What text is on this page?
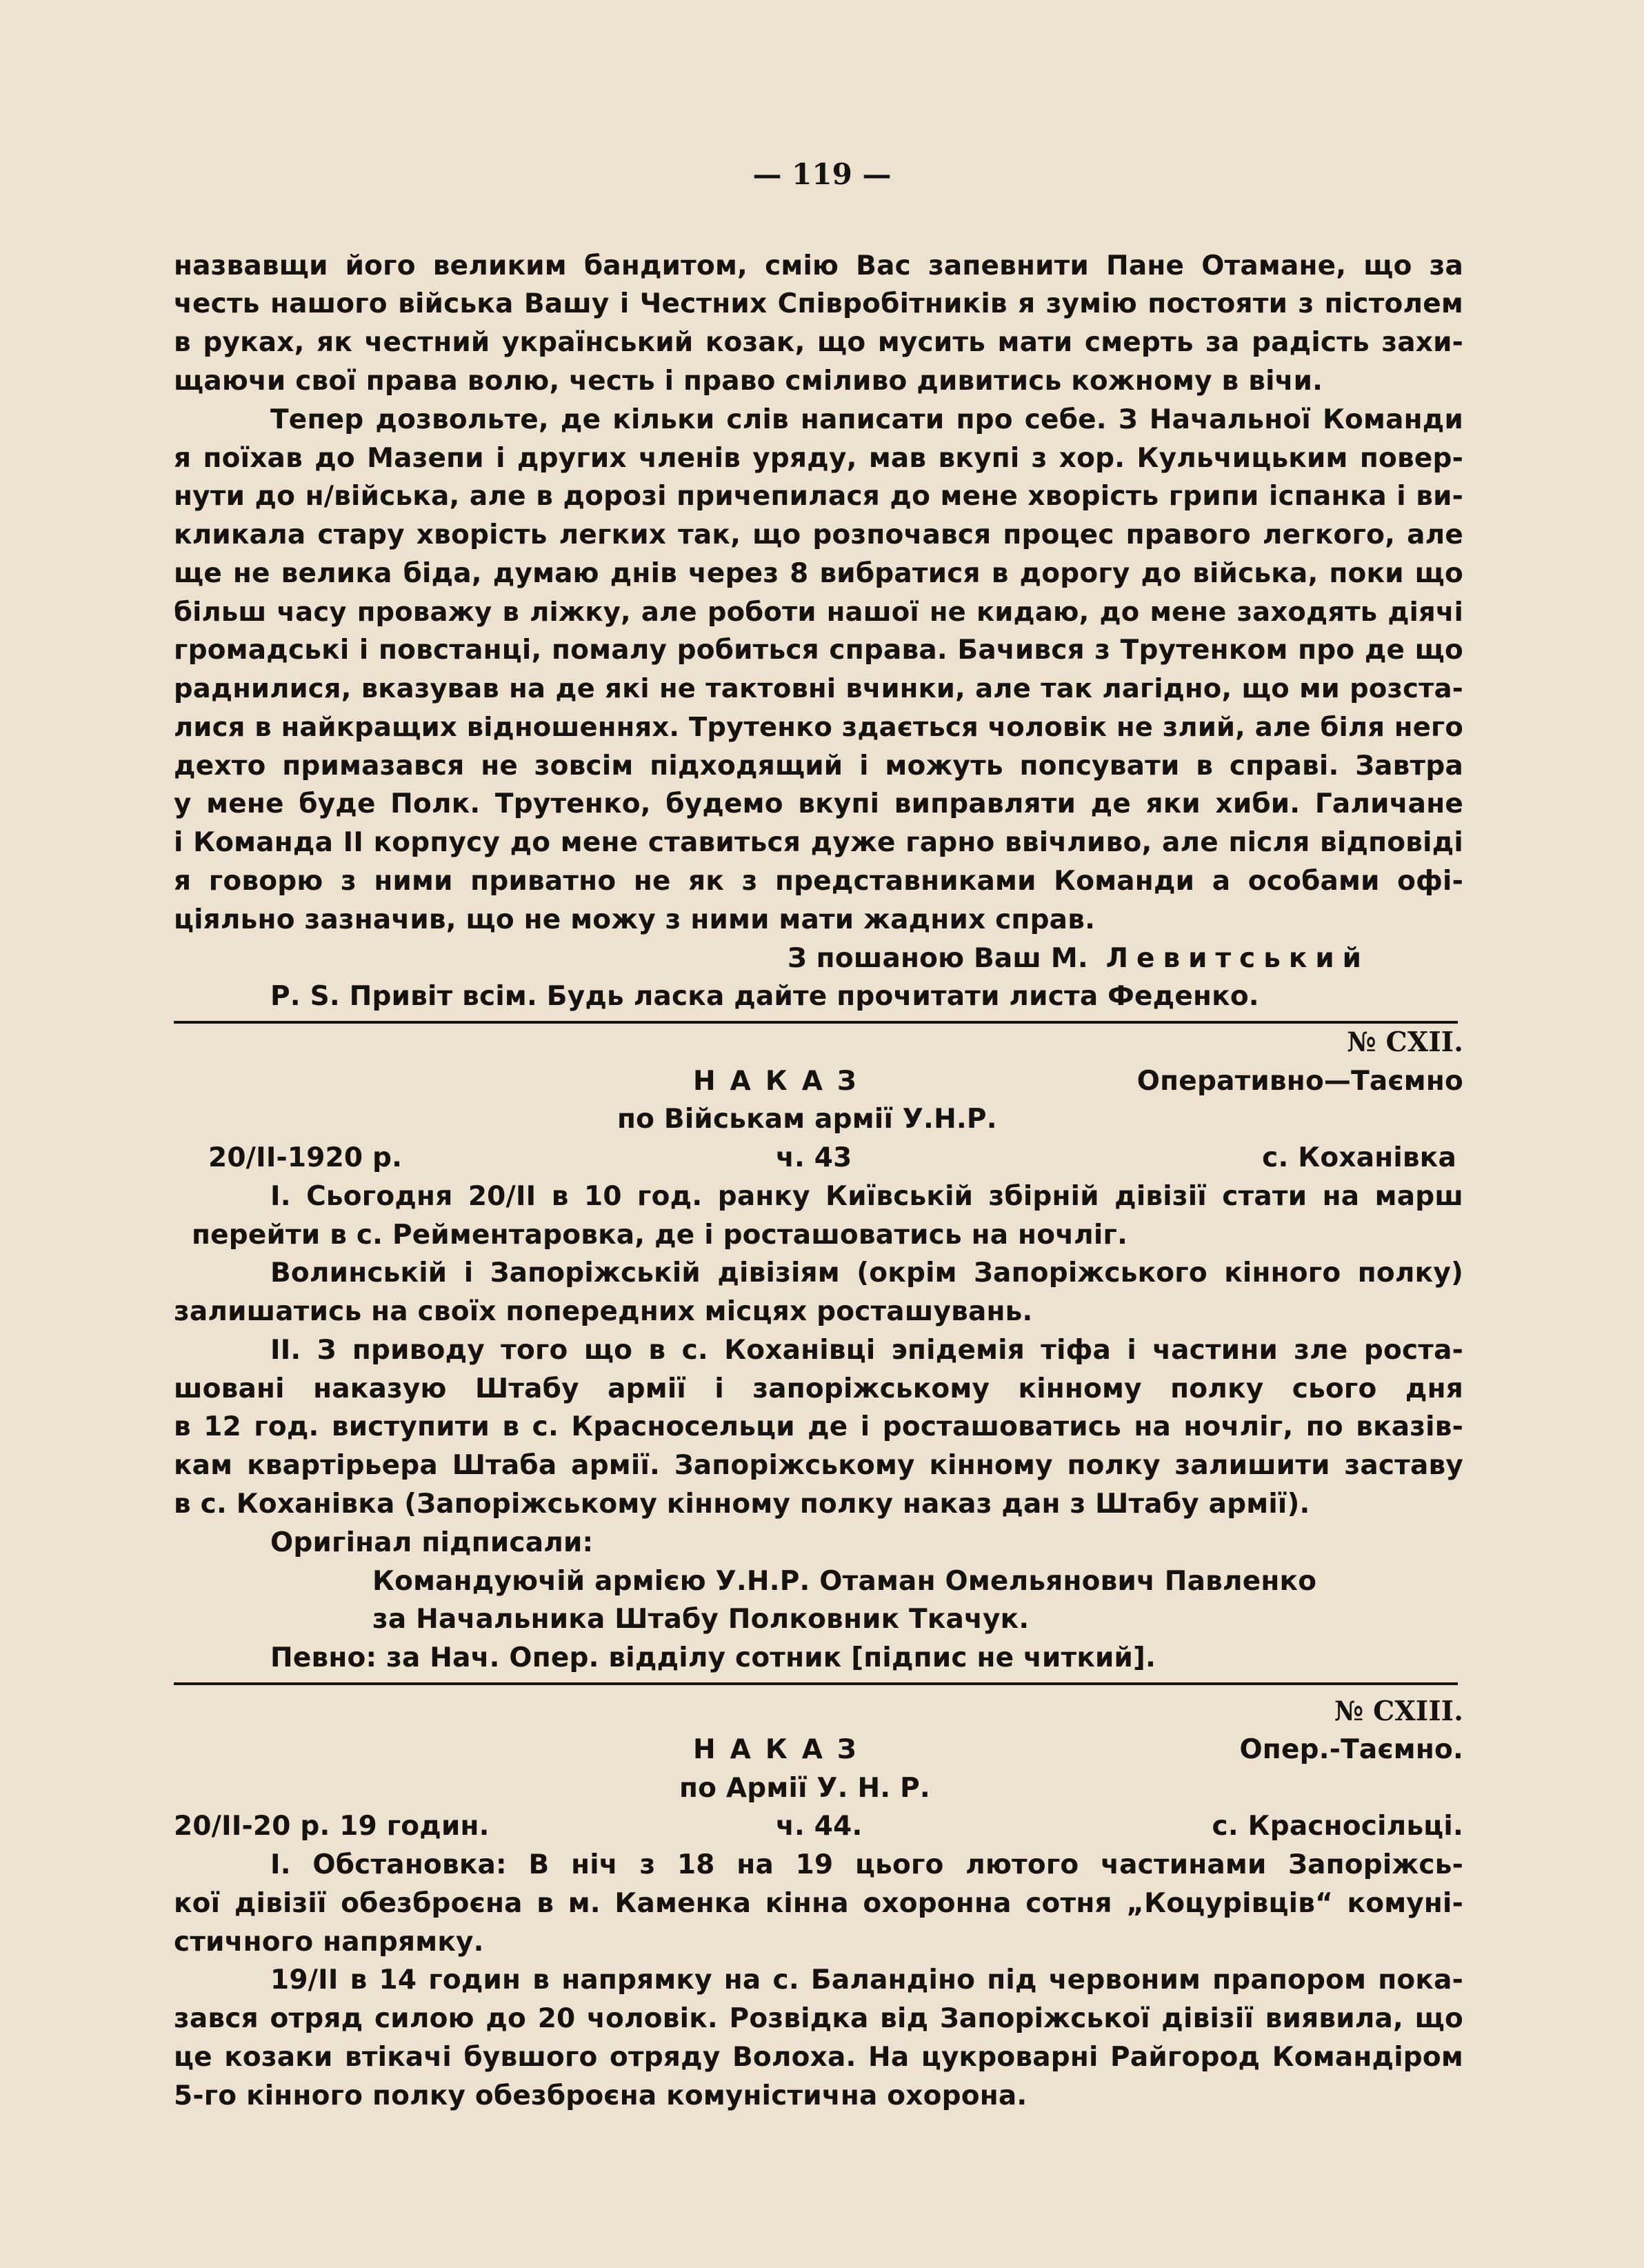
— 119 —
назвавщи його великим бандитом, смію Вас запевнити Пане Отамане, що за
честь нашого війська Вашу і Честних Співробітників я зумію постояти з пістолем
в руках, як честний український козак, що мусить мати смерть за радість захи-
щаючи свої права волю, честь і право сміливо дивитись кожному в вічи.
Тепер дозвольте, де кільки слів написати про себе. З Начальної Команди
я поїхав до Мазепи і других членів уряду, мав вкупі з хор. Кульчицьким повер-
нути до н/війська, але в дорозі причепилася до мене хворість грипи іспанка і ви-
кликала стару хворість легких так, що розпочався процес правого легкого, але
ще не велика біда, думаю днів через 8 вибратися в дорогу до війська, поки що
більш часу проважу в ліжку, але роботи нашої не кидаю, до мене заходять діячі
громадські і повстанці, помалу робиться справа. Бачився з Трутенком про де що
раднилися, вказував на де які не тактовні вчинки, але так лагідно, що ми розста-
лися в найкращих відношеннях. Трутенко здається чоловік не злий, але біля него
дехто примазався не зовсім підходящий і можуть попсувати в справі. Завтра
у мене буде Полк. Трутенко, будемо вкупі виправляти де яки хиби. Галичане
і Команда ІІ корпусу до мене ставиться дуже гарно ввічливо, але після відповіді
я говорю з ними приватно не як з представниками Команди а особами офі-
ціяльно зазначив, що не можу з ними мати жадних справ.
З пошаною Ваш М. Левитський
Р. S. Привіт всім. Будь ласка дайте прочитати листа Феденко.
№ CXII.
НАКАЗ	Оперативно—Таємно
по Військам армії У.Н.Р.
20/ІІ-1920 р.	ч. 43	с. Коханівка
І. Сьогодня 20/ІІ в 10 год. ранку Київській збірній дівізії стати на марш
перейти в с. Рейментаровка, де і росташоватись на ночліг.
Волинській і Запоріжській дівізіям (окрім Запоріжського кінного полку)
залишатись на своїх попередних місцях росташувань.
ІІ. З приводу того що в с. Коханівці эпідемія тіфа і частини зле роста-
шовані наказую Штабу армії і запоріжському кінному полку сього дня
в 12 год. виступити в с. Красносельци де і росташоватись на ночліг, по вказів-
кам квартірьера Штаба армії. Запоріжському кінному полку залишити заставу
в с. Коханівка (Запоріжському кінному полку наказ дан з Штабу армії).
Оригінал підписали:
Командуючій армією У.Н.Р. Отаман Омельянович Павленко
за Начальника Штабу Полковник Ткачук.
Певно: за Нач. Опер. відділу сотник [підпис не читкий].
№ CXIII.
НАКАЗ	Опер.-Таємно.
по Армії У. Н. Р.
20/ІІ-20 р. 19 годин.	ч. 44.	с. Красносільці.
І. Обстановка: В ніч з 18 на 19 цього лютого частинами Запоріжсь-
кої дівізії обезброєна в м. Каменка кінна охоронна сотня „Коцурівців“ комуні-
стичного напрямку.
19/ІІ в 14 годин в напрямку на с. Баландіно під червоним прапором пока-
зався отряд силою до 20 чоловік. Розвідка від Запоріжської дівізії виявила, що
це козаки втікачі бувшого отряду Волоха. На цукроварні Райгород Командіром
5-го кінного полку обезброєна комуністична охорона.
